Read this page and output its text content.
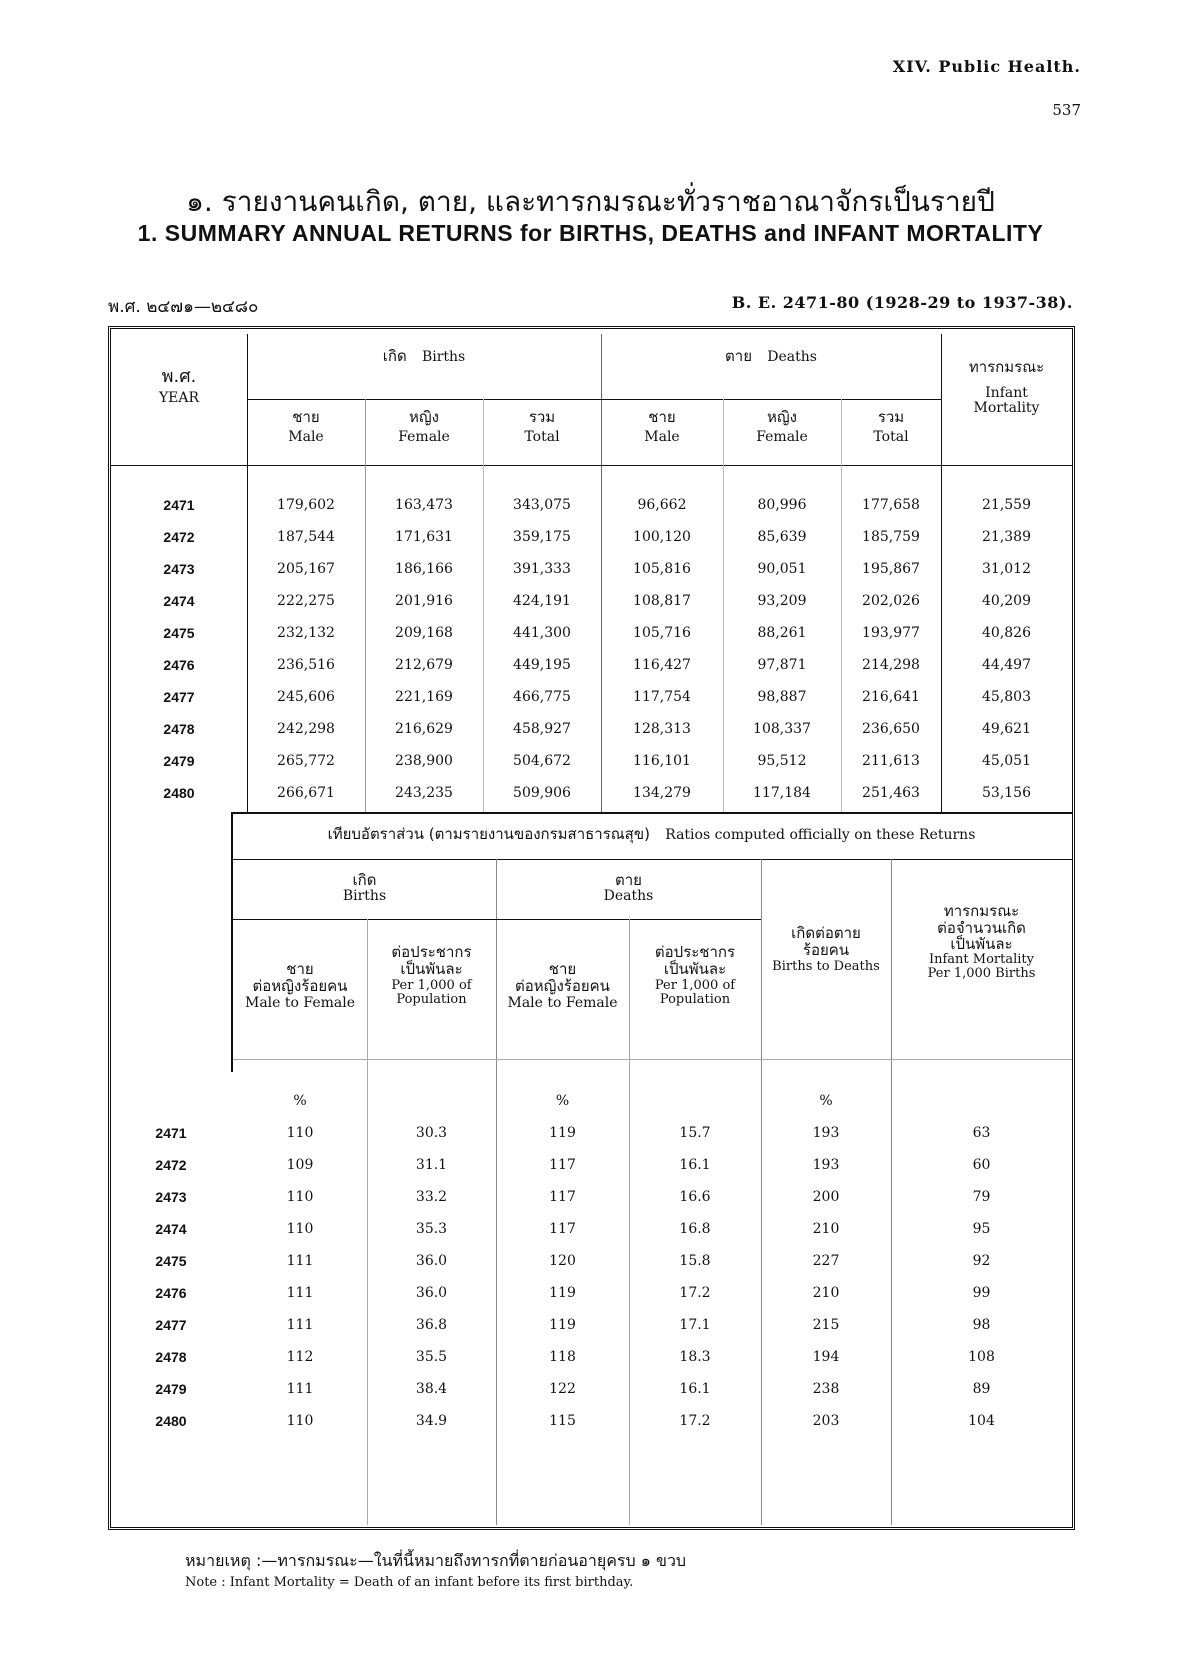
XIV. Public Health.
537
๑. รายงานคนเกิด, ตาย, และทารกมรณะทั่วราชอาณาจักรเป็นรายปี
1. SUMMARY ANNUAL RETURNS for BIRTHS, DEATHS and INFANT MORTALITY
พ.ศ. ๒๔๗๑—๒๔๘๐	B. E. 2471-80 (1928-29 to 1937-38).
พ.ศ.
YEAR
เกิด Births	ตาย Deaths
ทารกมรณะ
Infant Mortality
ชาย
Male
หญิง
Female
รวม
Total
ชาย
Male
หญิง
Female
รวม
Total
2471	179,602	163,473	343,075	96,662	80,996	177,658	21,559
2472	187,544	171,631	359,175	100,120	85,639	185,759	21,389
2473	205,167	186,166	391,333	105,816	90,051	195,867	31,012
2474	222,275	201,916	424,191	108,817	93,209	202,026	40,209
2475	232,132	209,168	441,300	105,716	88,261	193,977	40,826
2476	236,516	212,679	449,195	116,427	97,871	214,298	44,497
2477	245,606	221,169	466,775	117,754	98,887	216,641	45,803
2478	242,298	216,629	458,927	128,313	108,337	236,650	49,621
2479	265,772	238,900	504,672	116,101	95,512	211,613	45,051
2480	266,671	243,235	509,906	134,279	117,184	251,463	53,156
เทียบอัตราส่วน (ตามรายงานของกรมสาธารณสุข) Ratios computed officially on these Returns
เกิด
Births
ตาย
Deaths
ชาย
ต่อหญิงร้อยคน
Male to Female
ต่อประชากร
เป็นพันละ
Per 1,000 of
Population
ชาย
ต่อหญิงร้อยคน
Male to Female
ต่อประชากร
เป็นพันละ
Per 1,000 of
Population
เกิดต่อตาย
ร้อยคน
Births to Deaths
ทารกมรณะ
ต่อจำนวนเกิด
เป็นพันละ
Infant Mortality
Per 1,000 Births
%	%	%
2471	110	30.3	119	15.7	193	63
2472	109	31.1	117	16.1	193	60
2473	110	33.2	117	16.6	200	79
2474	110	35.3	117	16.8	210	95
2475	111	36.0	120	15.8	227	92
2476	111	36.0	119	17.2	210	99
2477	111	36.8	119	17.1	215	98
2478	112	35.5	118	18.3	194	108
2479	111	38.4	122	16.1	238	89
2480	110	34.9	115	17.2	203	104
หมายเหตุ :—ทารกมรณะ—ในที่นี้หมายถึงทารกที่ตายก่อนอายุครบ ๑ ขวบ
Note : Infant Mortality = Death of an infant before its first birthday.
